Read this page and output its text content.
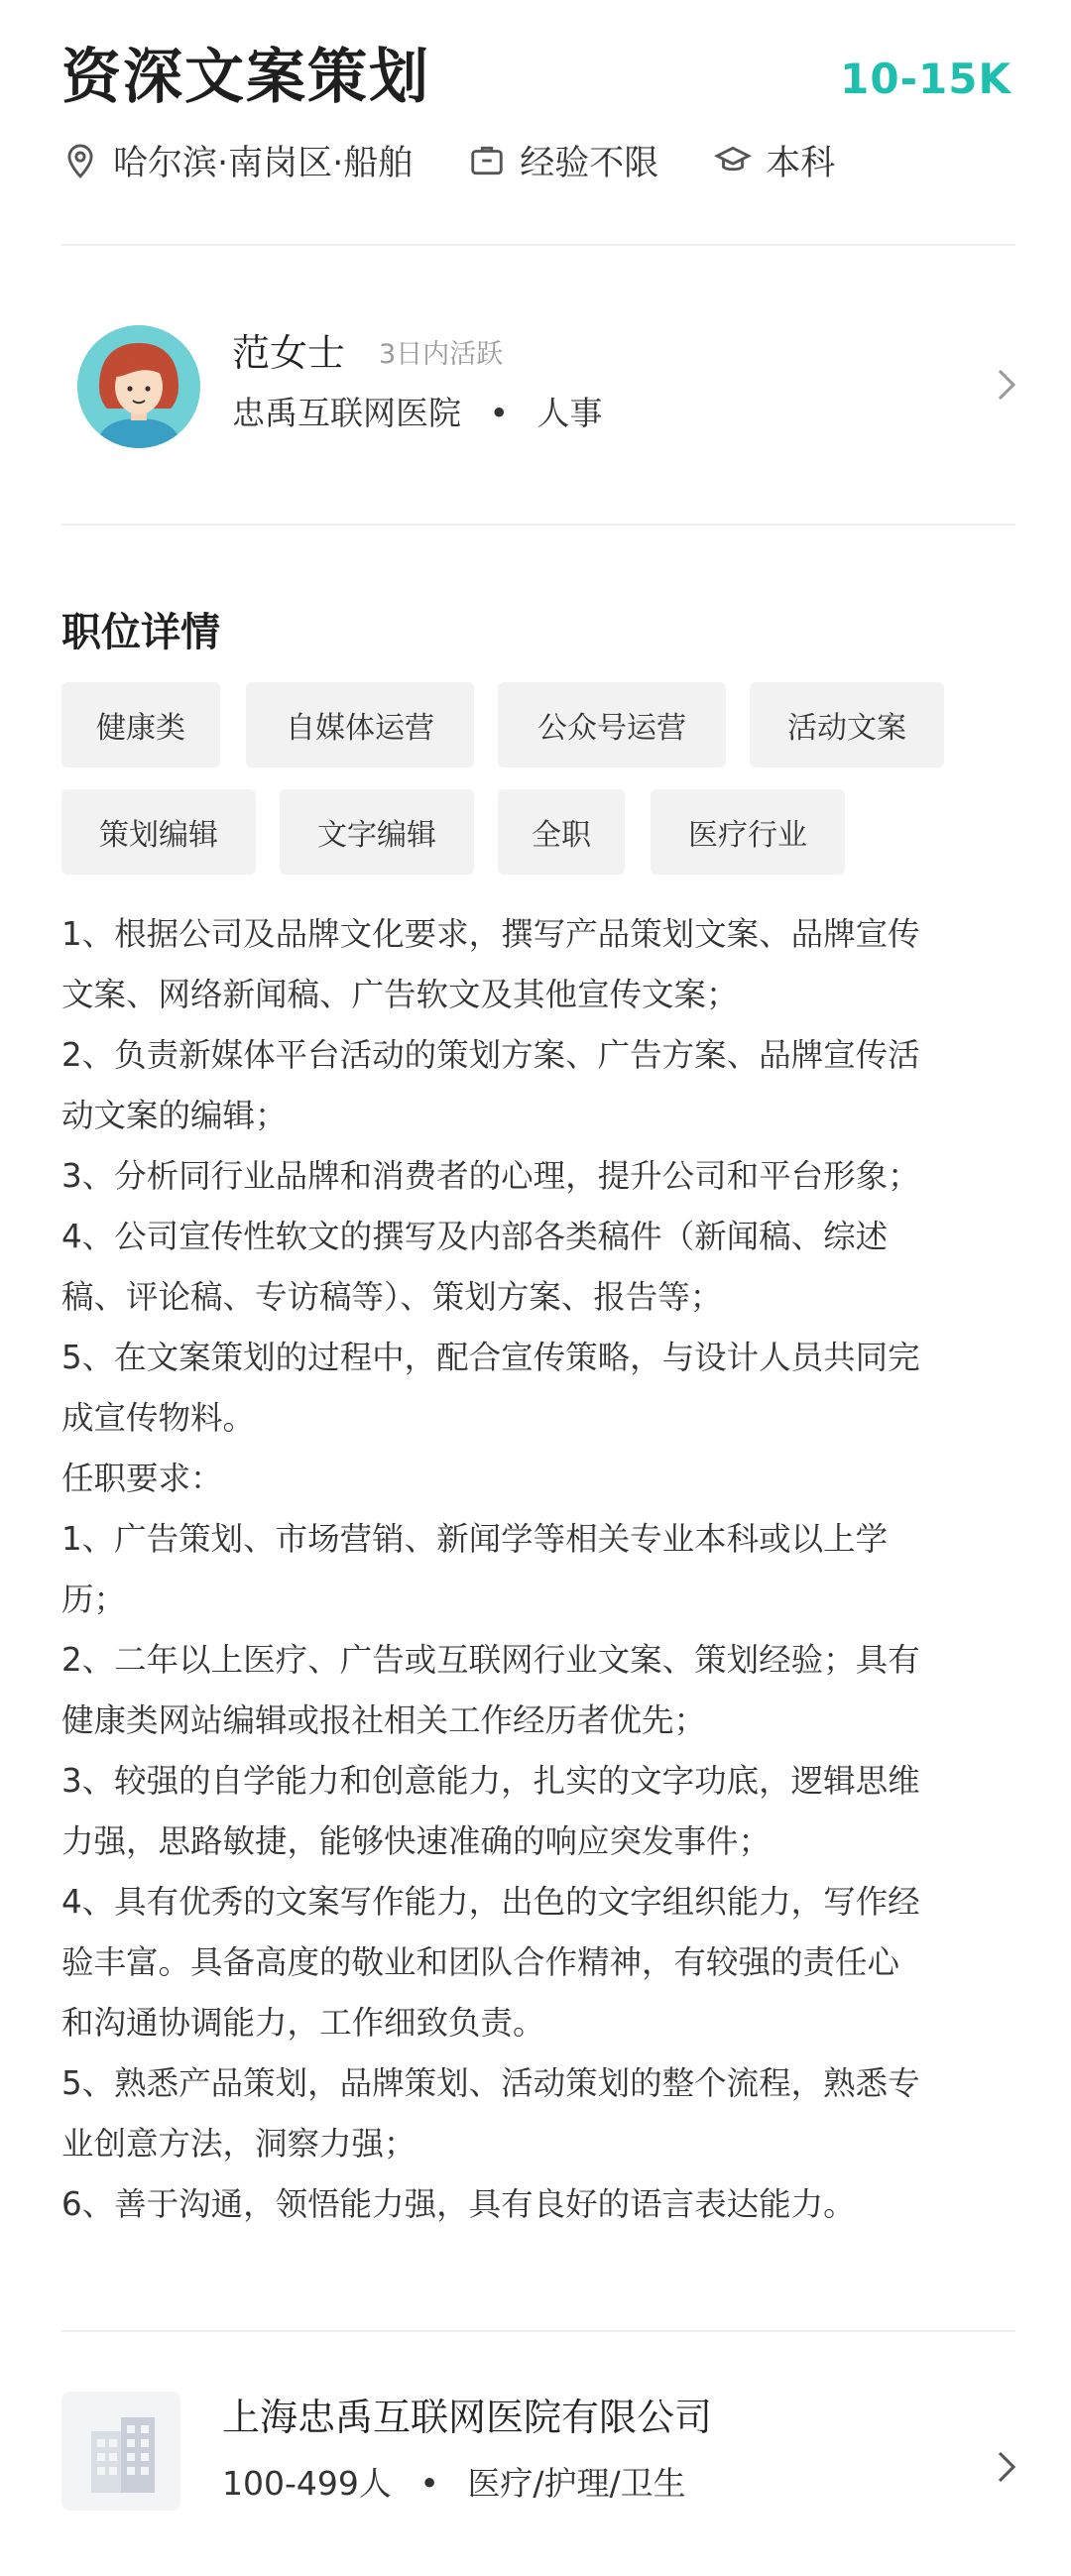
资深文案策划	10-15K
哈尔滨·南岗区·船舶	经验不限	本科
范女士 3日内活跃
忠禹互联网医院 • 人事
职位详情
健康类	自媒体运营	公众号运营	活动文案
策划编辑	文字编辑	全职	医疗行业
1、根据公司及品牌文化要求，撰写产品策划文案、品牌宣传
文案、网络新闻稿、广告软文及其他宣传文案；
2、负责新媒体平台活动的策划方案、广告方案、品牌宣传活
动文案的编辑；
3、分析同行业品牌和消费者的心理，提升公司和平台形象；
4、公司宣传性软文的撰写及内部各类稿件（新闻稿、综述
稿、评论稿、专访稿等）、策划方案、报告等；
5、在文案策划的过程中，配合宣传策略，与设计人员共同完
成宣传物料。
任职要求：
1、广告策划、市场营销、新闻学等相关专业本科或以上学
历；
2、二年以上医疗、广告或互联网行业文案、策划经验；具有
健康类网站编辑或报社相关工作经历者优先；
3、较强的自学能力和创意能力，扎实的文字功底，逻辑思维
力强，思路敏捷，能够快速准确的响应突发事件；
4、具有优秀的文案写作能力，出色的文字组织能力，写作经
验丰富。具备高度的敬业和团队合作精神，有较强的责任心
和沟通协调能力，工作细致负责。
5、熟悉产品策划，品牌策划、活动策划的整个流程，熟悉专
业创意方法，洞察力强；
6、善于沟通，领悟能力强，具有良好的语言表达能力。
上海忠禹互联网医院有限公司
100-499人 • 医疗/护理/卫生
